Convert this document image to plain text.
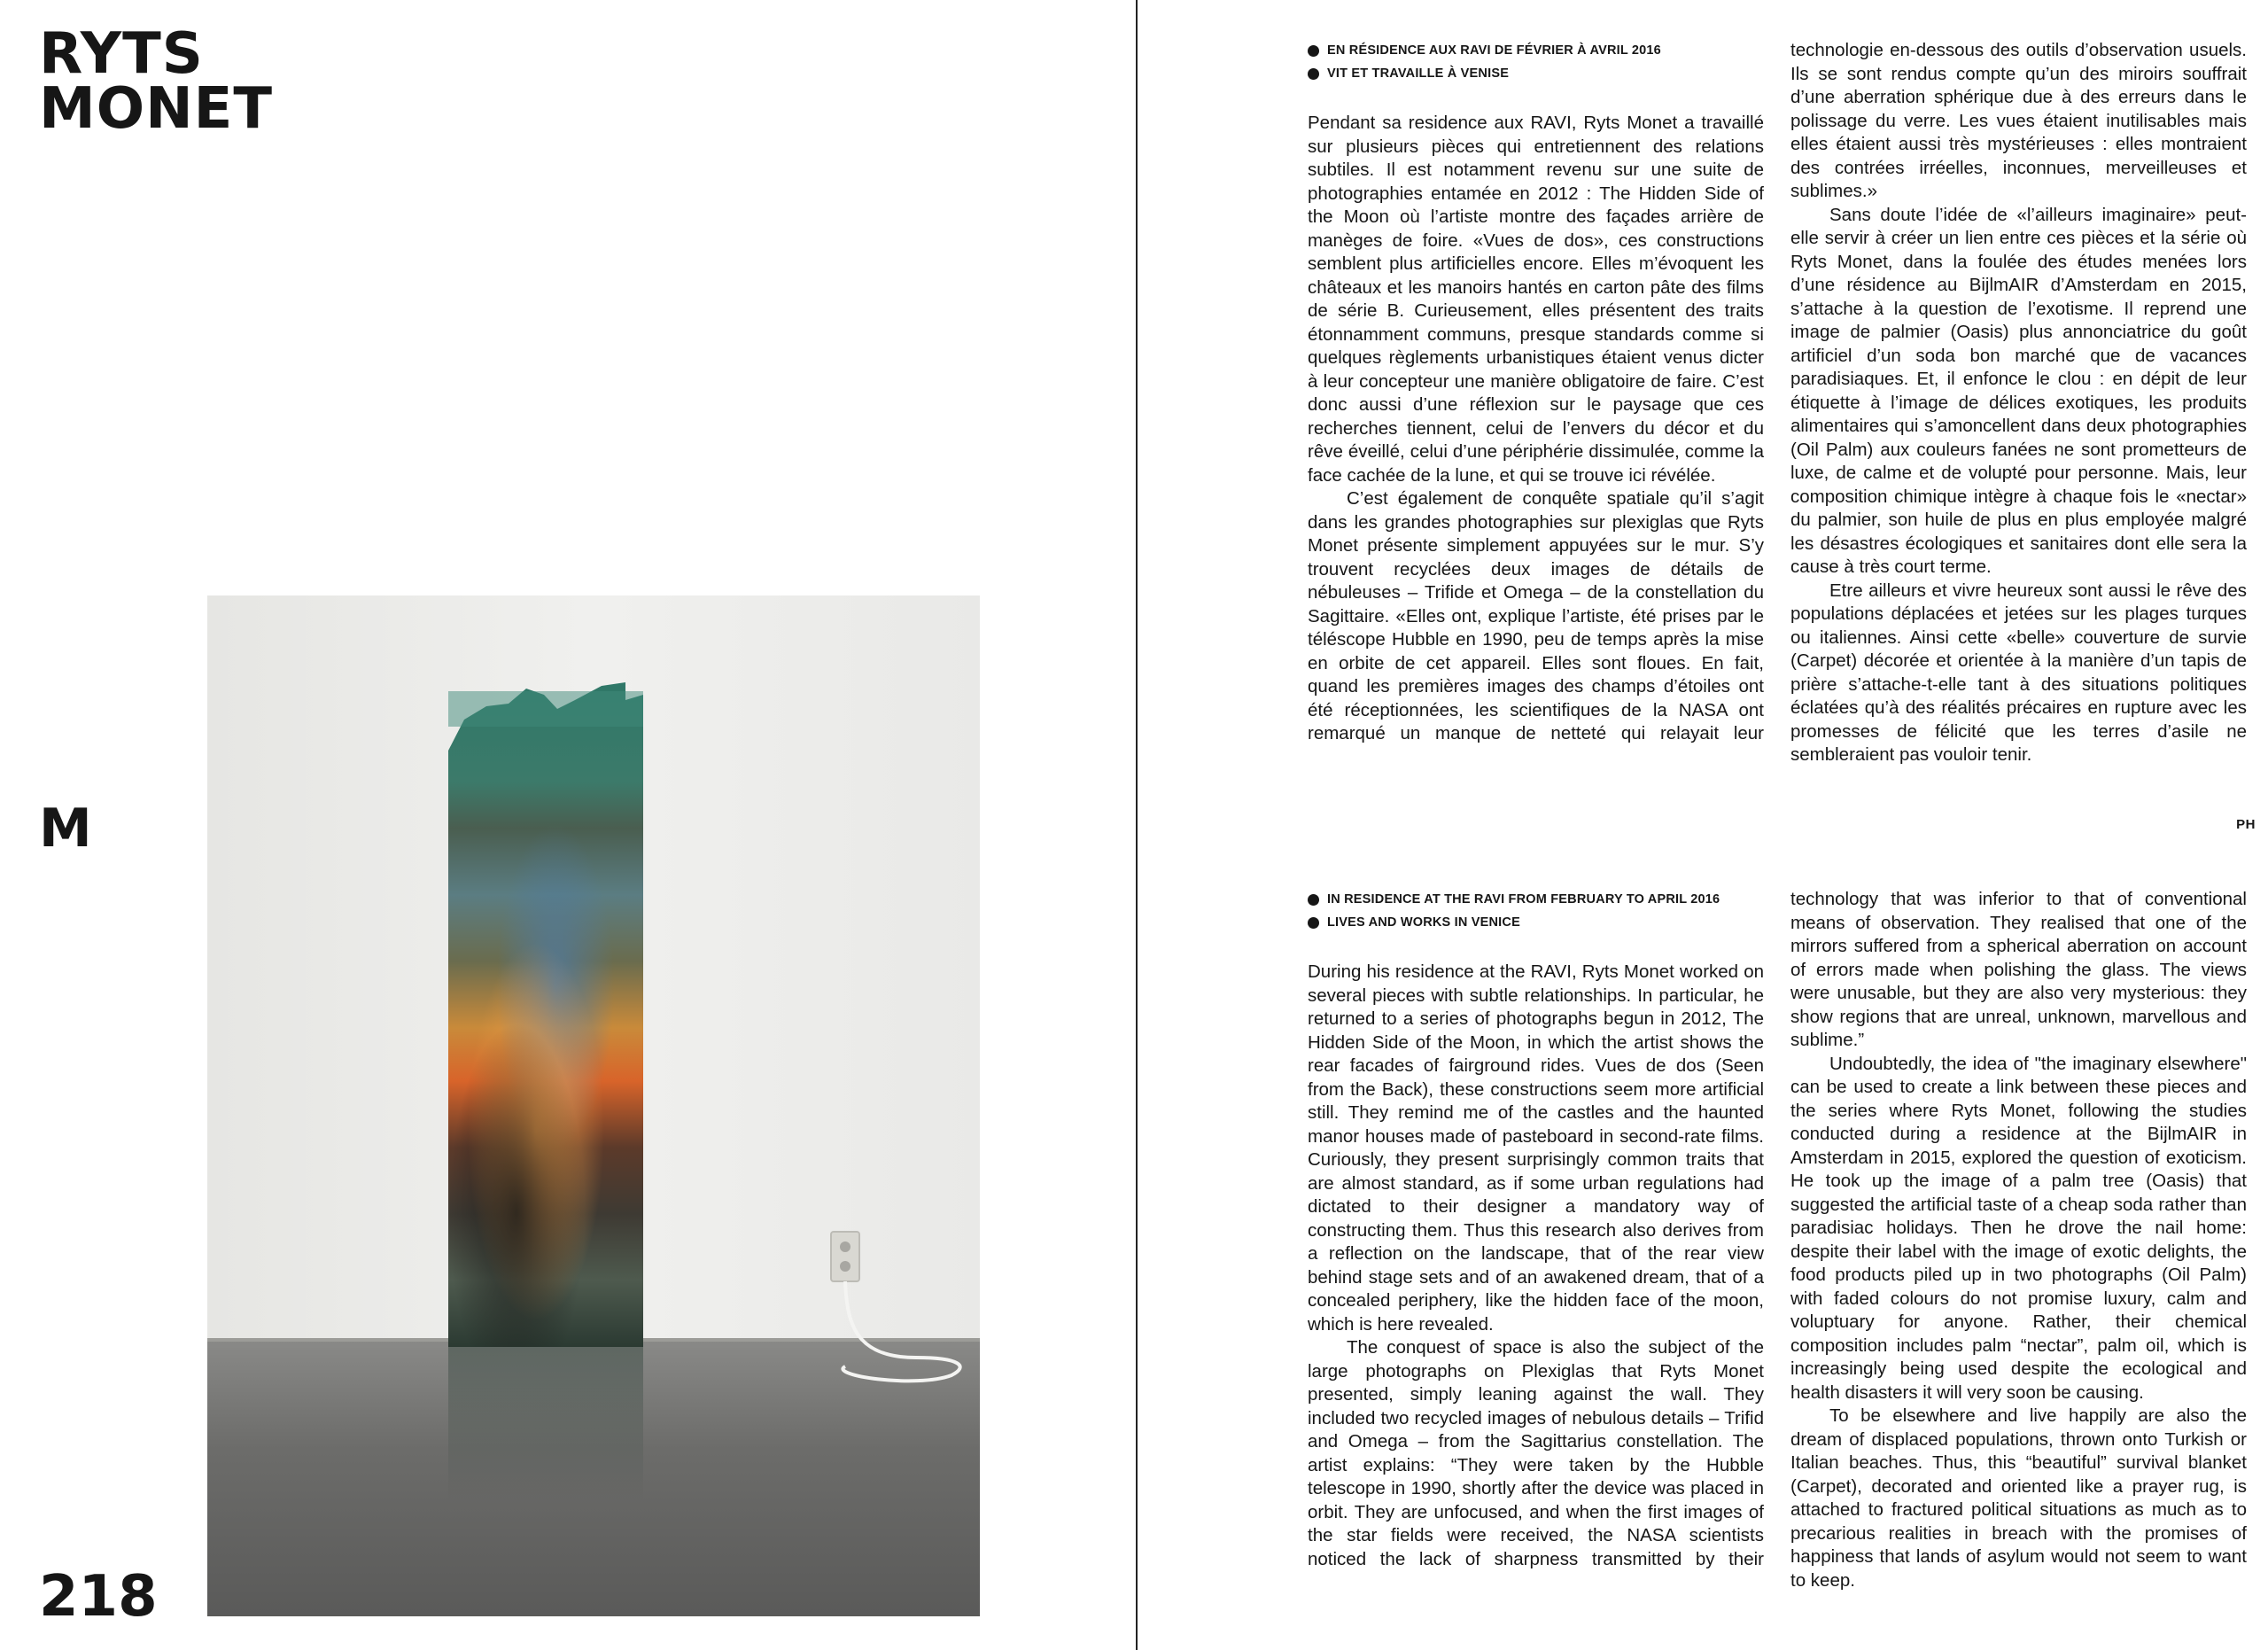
RYTS
MONET

M

218

EN RÉSIDENCE AUX RAVI DE FÉVRIER À AVRIL 2016
VIT ET TRAVAILLE À VENISE

Pendant sa residence aux RAVI, Ryts Monet a travaillé sur plusieurs pièces qui entretiennent des relations subtiles. Il est notamment revenu sur une suite de photographies entamée en 2012 : The Hidden Side of the Moon où l’artiste montre des façades arrière de manèges de foire. «Vues de dos», ces constructions semblent plus artificielles encore. Elles m’évoquent les châteaux et les manoirs hantés en carton pâte des films de série B. Curieusement, elles présentent des traits étonnamment communs, presque standards comme si quelques règlements urbanistiques étaient venus dicter à leur concepteur une manière obligatoire de faire. C’est donc aussi d’une réflexion sur le paysage que ces recherches tiennent, celui de l’envers du décor et du rêve éveillé, celui d’une périphérie dissimulée, comme la face cachée de la lune, et qui se trouve ici révélée.

C’est également de conquête spatiale qu’il s’agit dans les grandes photographies sur plexiglas que Ryts Monet présente simplement appuyées sur le mur. S’y trouvent recyclées deux images de détails de nébuleuses – Trifide et Omega – de la constellation du Sagittaire. «Elles ont, explique l’artiste, été prises par le téléscope Hubble en 1990, peu de temps après la mise en orbite de cet appareil. Elles sont floues. En fait, quand les premières images des champs d’étoiles ont été réceptionnées, les scientifiques de la NASA ont remarqué un manque de netteté qui relayait leur technologie en-dessous des outils d’observation usuels. Ils se sont rendus compte qu’un des miroirs souffrait d’une aberration sphérique due à des erreurs dans le polissage du verre. Les vues étaient inutilisables mais elles étaient aussi très mystérieuses : elles montraient des contrées irréelles, inconnues, merveilleuses et sublimes.»

Sans doute l’idée de «l’ailleurs imaginaire» peut-elle servir à créer un lien entre ces pièces et la série où Ryts Monet, dans la foulée des études menées lors d’une résidence au BijlmAIR d’Amsterdam en 2015, s’attache à la question de l’exotisme. Il reprend une image de palmier (Oasis) plus annonciatrice du goût artificiel d’un soda bon marché que de vacances paradisiaques. Et, il enfonce le clou : en dépit de leur étiquette à l’image de délices exotiques, les produits alimentaires qui s’amoncellent dans deux photographies (Oil Palm) aux couleurs fanées ne sont prometteurs de luxe, de calme et de volupté pour personne. Mais, leur composition chimique intègre à chaque fois le «nectar» du palmier, son huile de plus en plus employée malgré les désastres écologiques et sanitaires dont elle sera la cause à très court terme.

Etre ailleurs et vivre heureux sont aussi le rêve des populations déplacées et jetées sur les plages turques ou italiennes. Ainsi cette «belle» couverture de survie (Carpet) décorée et orientée à la manière d’un tapis de prière s’attache-t-elle tant à des situations politiques éclatées qu’à des réalités précaires en rupture avec les promesses de félicité que les terres d’asile ne sembleraient pas vouloir tenir.

PH

IN RESIDENCE AT THE RAVI FROM FEBRUARY TO APRIL 2016
LIVES AND WORKS IN VENICE

During his residence at the RAVI, Ryts Monet worked on several pieces with subtle relationships. In particular, he returned to a series of photographs begun in 2012, The Hidden Side of the Moon, in which the artist shows the rear facades of fairground rides. Vues de dos (Seen from the Back), these constructions seem more artificial still. They remind me of the castles and the haunted manor houses made of pasteboard in second-rate films. Curiously, they present surprisingly common traits that are almost standard, as if some urban regulations had dictated to their designer a mandatory way of constructing them. Thus this research also derives from a reflection on the landscape, that of the rear view behind stage sets and of an awakened dream, that of a concealed periphery, like the hidden face of the moon, which is here revealed.

The conquest of space is also the subject of the large photographs on Plexiglas that Ryts Monet presented, simply leaning against the wall. They included two recycled images of nebulous details – Trifid and Omega – from the Sagittarius constellation. The artist explains: “They were taken by the Hubble telescope in 1990, shortly after the device was placed in orbit. They are unfocused, and when the first images of the star fields were received, the NASA scientists noticed the lack of sharpness transmitted by their technology that was inferior to that of conventional means of observation. They realised that one of the mirrors suffered from a spherical aberration on account of errors made when polishing the glass. The views were unusable, but they are also very mysterious: they show regions that are unreal, unknown, marvellous and sublime.”

Undoubtedly, the idea of "the imaginary elsewhere" can be used to create a link between these pieces and the series where Ryts Monet, following the studies conducted during a residence at the BijlmAIR in Amsterdam in 2015, explored the question of exoticism. He took up the image of a palm tree (Oasis) that suggested the artificial taste of a cheap soda rather than paradisiac holidays. Then he drove the nail home: despite their label with the image of exotic delights, the food products piled up in two photographs (Oil Palm) with faded colours do not promise luxury, calm and voluptuary for anyone. Rather, their chemical composition includes palm “nectar”, palm oil, which is increasingly being used despite the ecological and health disasters it will very soon be causing.

To be elsewhere and live happily are also the dream of displaced populations, thrown onto Turkish or Italian beaches. Thus, this “beautiful” survival blanket (Carpet), decorated and oriented like a prayer rug, is attached to fractured political situations as much as to precarious realities in breach with the promises of happiness that lands of asylum would not seem to want to keep.
